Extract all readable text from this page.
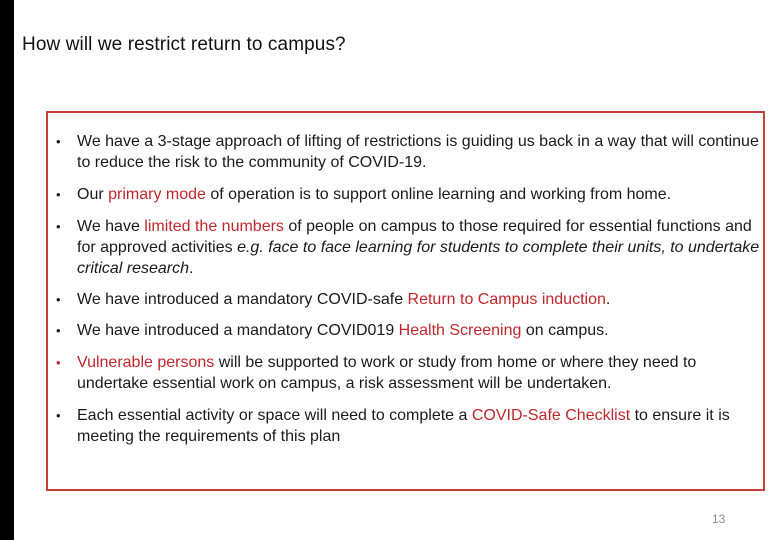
How will we restrict return to campus?
• We have a 3-stage approach of lifting of restrictions is guiding us back in a way that will continue to reduce the risk to the community of COVID-19.
• Our primary mode of operation is to support online learning and working from home.
• We have limited the numbers of people on campus to those required for essential functions and for approved activities e.g. face to face learning for students to complete their units, to undertake critical research.
• We have introduced a mandatory COVID-safe Return to Campus induction.
• We have introduced a mandatory COVID019 Health Screening on campus.
• Vulnerable persons will be supported to work or study from home or where they need to undertake essential work on campus, a risk assessment will be undertaken.
• Each essential activity or space will need to complete a COVID-Safe Checklist to ensure it is meeting the requirements of this plan
13
